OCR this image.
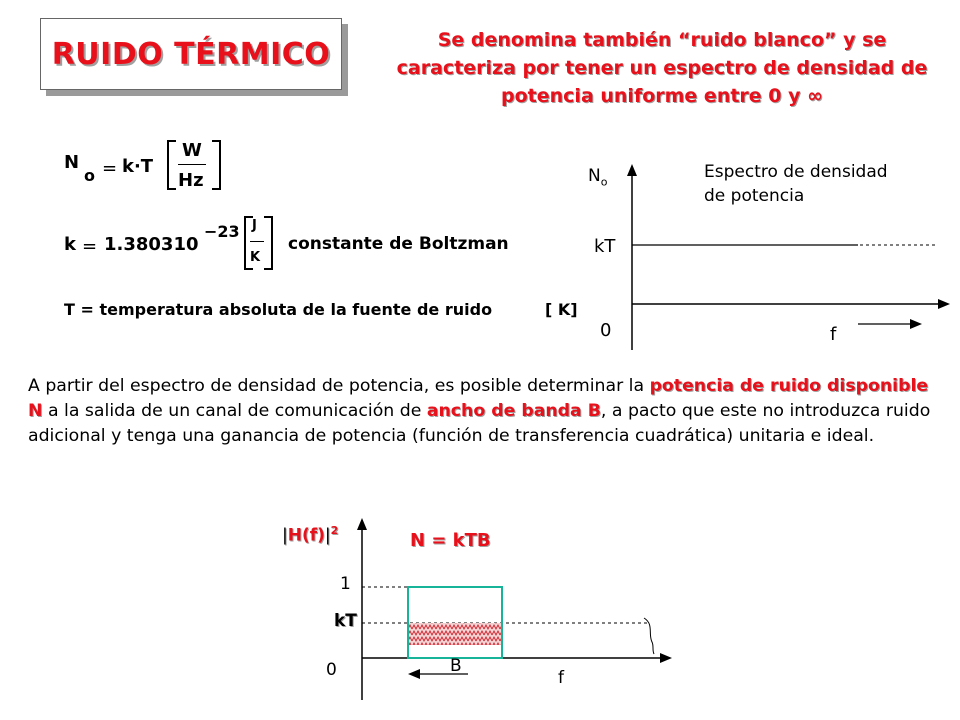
RUIDO TÉRMICO	Se denomina también “ruido blanco” y se caracteriza por tener un espectro de densidad de potencia uniforme entre 0 y ∞
N
o = k·T
W
Hz
k = 1.380310
−23 J
K
constante de Boltzman
T = temperatura absoluta de la fuente de ruido	[ K]
$N_o$
kT
0	f
Espectro de densidad
de potencia
A partir del espectro de densidad de potencia, es posible determinar la potencia de ruido disponible N a la salida de un canal de comunicación de ancho de banda B, a pacto que este no introduzca ruido adicional y tenga una ganancia de potencia (función de transferencia cuadrática) unitaria e ideal.
$|H(f)|^2$	N = kTB
1
kT
0	B
f
